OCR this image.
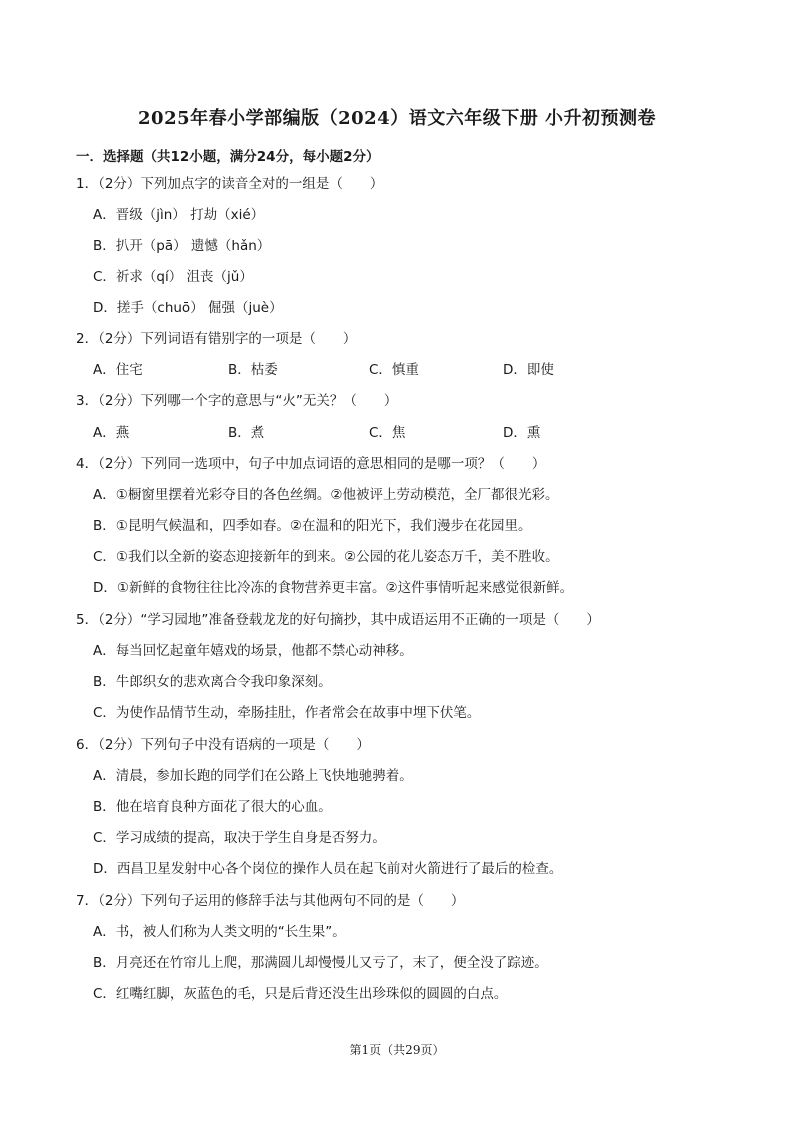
2025年春小学部编版（2024）语文六年级下册 小升初预测卷
一．选择题（共12小题，满分24分，每小题2分）
1．（2分）下列加点字的读音全对的一组是（　　）
A．晋级（jìn） 打劫（xié）
B．扒开（pā） 遗憾（hǎn）
C．祈求（qí） 沮丧（jǔ）
D．搓手（chuō） 倔强（juè）
2．（2分）下列词语有错别字的一项是（　　）
A．住宅	B．枯委	C．慎重	D．即使
3．（2分）下列哪一个字的意思与“火”无关？（　　）
A．燕	B．煮	C．焦	D．熏
4．（2分）下列同一选项中，句子中加点词语的意思相同的是哪一项？（　　）
A．①橱窗里摆着光彩夺目的各色丝绸。②他被评上劳动模范，全厂都很光彩。
B．①昆明气候温和，四季如春。②在温和的阳光下，我们漫步在花园里。
C．①我们以全新的姿态迎接新年的到来。②公园的花儿姿态万千，美不胜收。
D．①新鲜的食物往往比冷冻的食物营养更丰富。②这件事情听起来感觉很新鲜。
5．（2分）“学习园地”准备登载龙龙的好句摘抄，其中成语运用不正确的一项是（　　）
A．每当回忆起童年嬉戏的场景，他都不禁心动神移。
B．牛郎织女的悲欢离合令我印象深刻。
C．为使作品情节生动，牵肠挂肚，作者常会在故事中埋下伏笔。
6．（2分）下列句子中没有语病的一项是（　　）
A．清晨，参加长跑的同学们在公路上飞快地驰骋着。
B．他在培育良种方面花了很大的心血。
C．学习成绩的提高，取决于学生自身是否努力。
D．西昌卫星发射中心各个岗位的操作人员在起飞前对火箭进行了最后的检查。
7．（2分）下列句子运用的修辞手法与其他两句不同的是（　　）
A．书，被人们称为人类文明的“长生果”。
B．月亮还在竹帘儿上爬，那满圆儿却慢慢儿又亏了，末了，便全没了踪迹。
C．红嘴红脚，灰蓝色的毛，只是后背还没生出珍珠似的圆圆的白点。
第1页（共29页）
